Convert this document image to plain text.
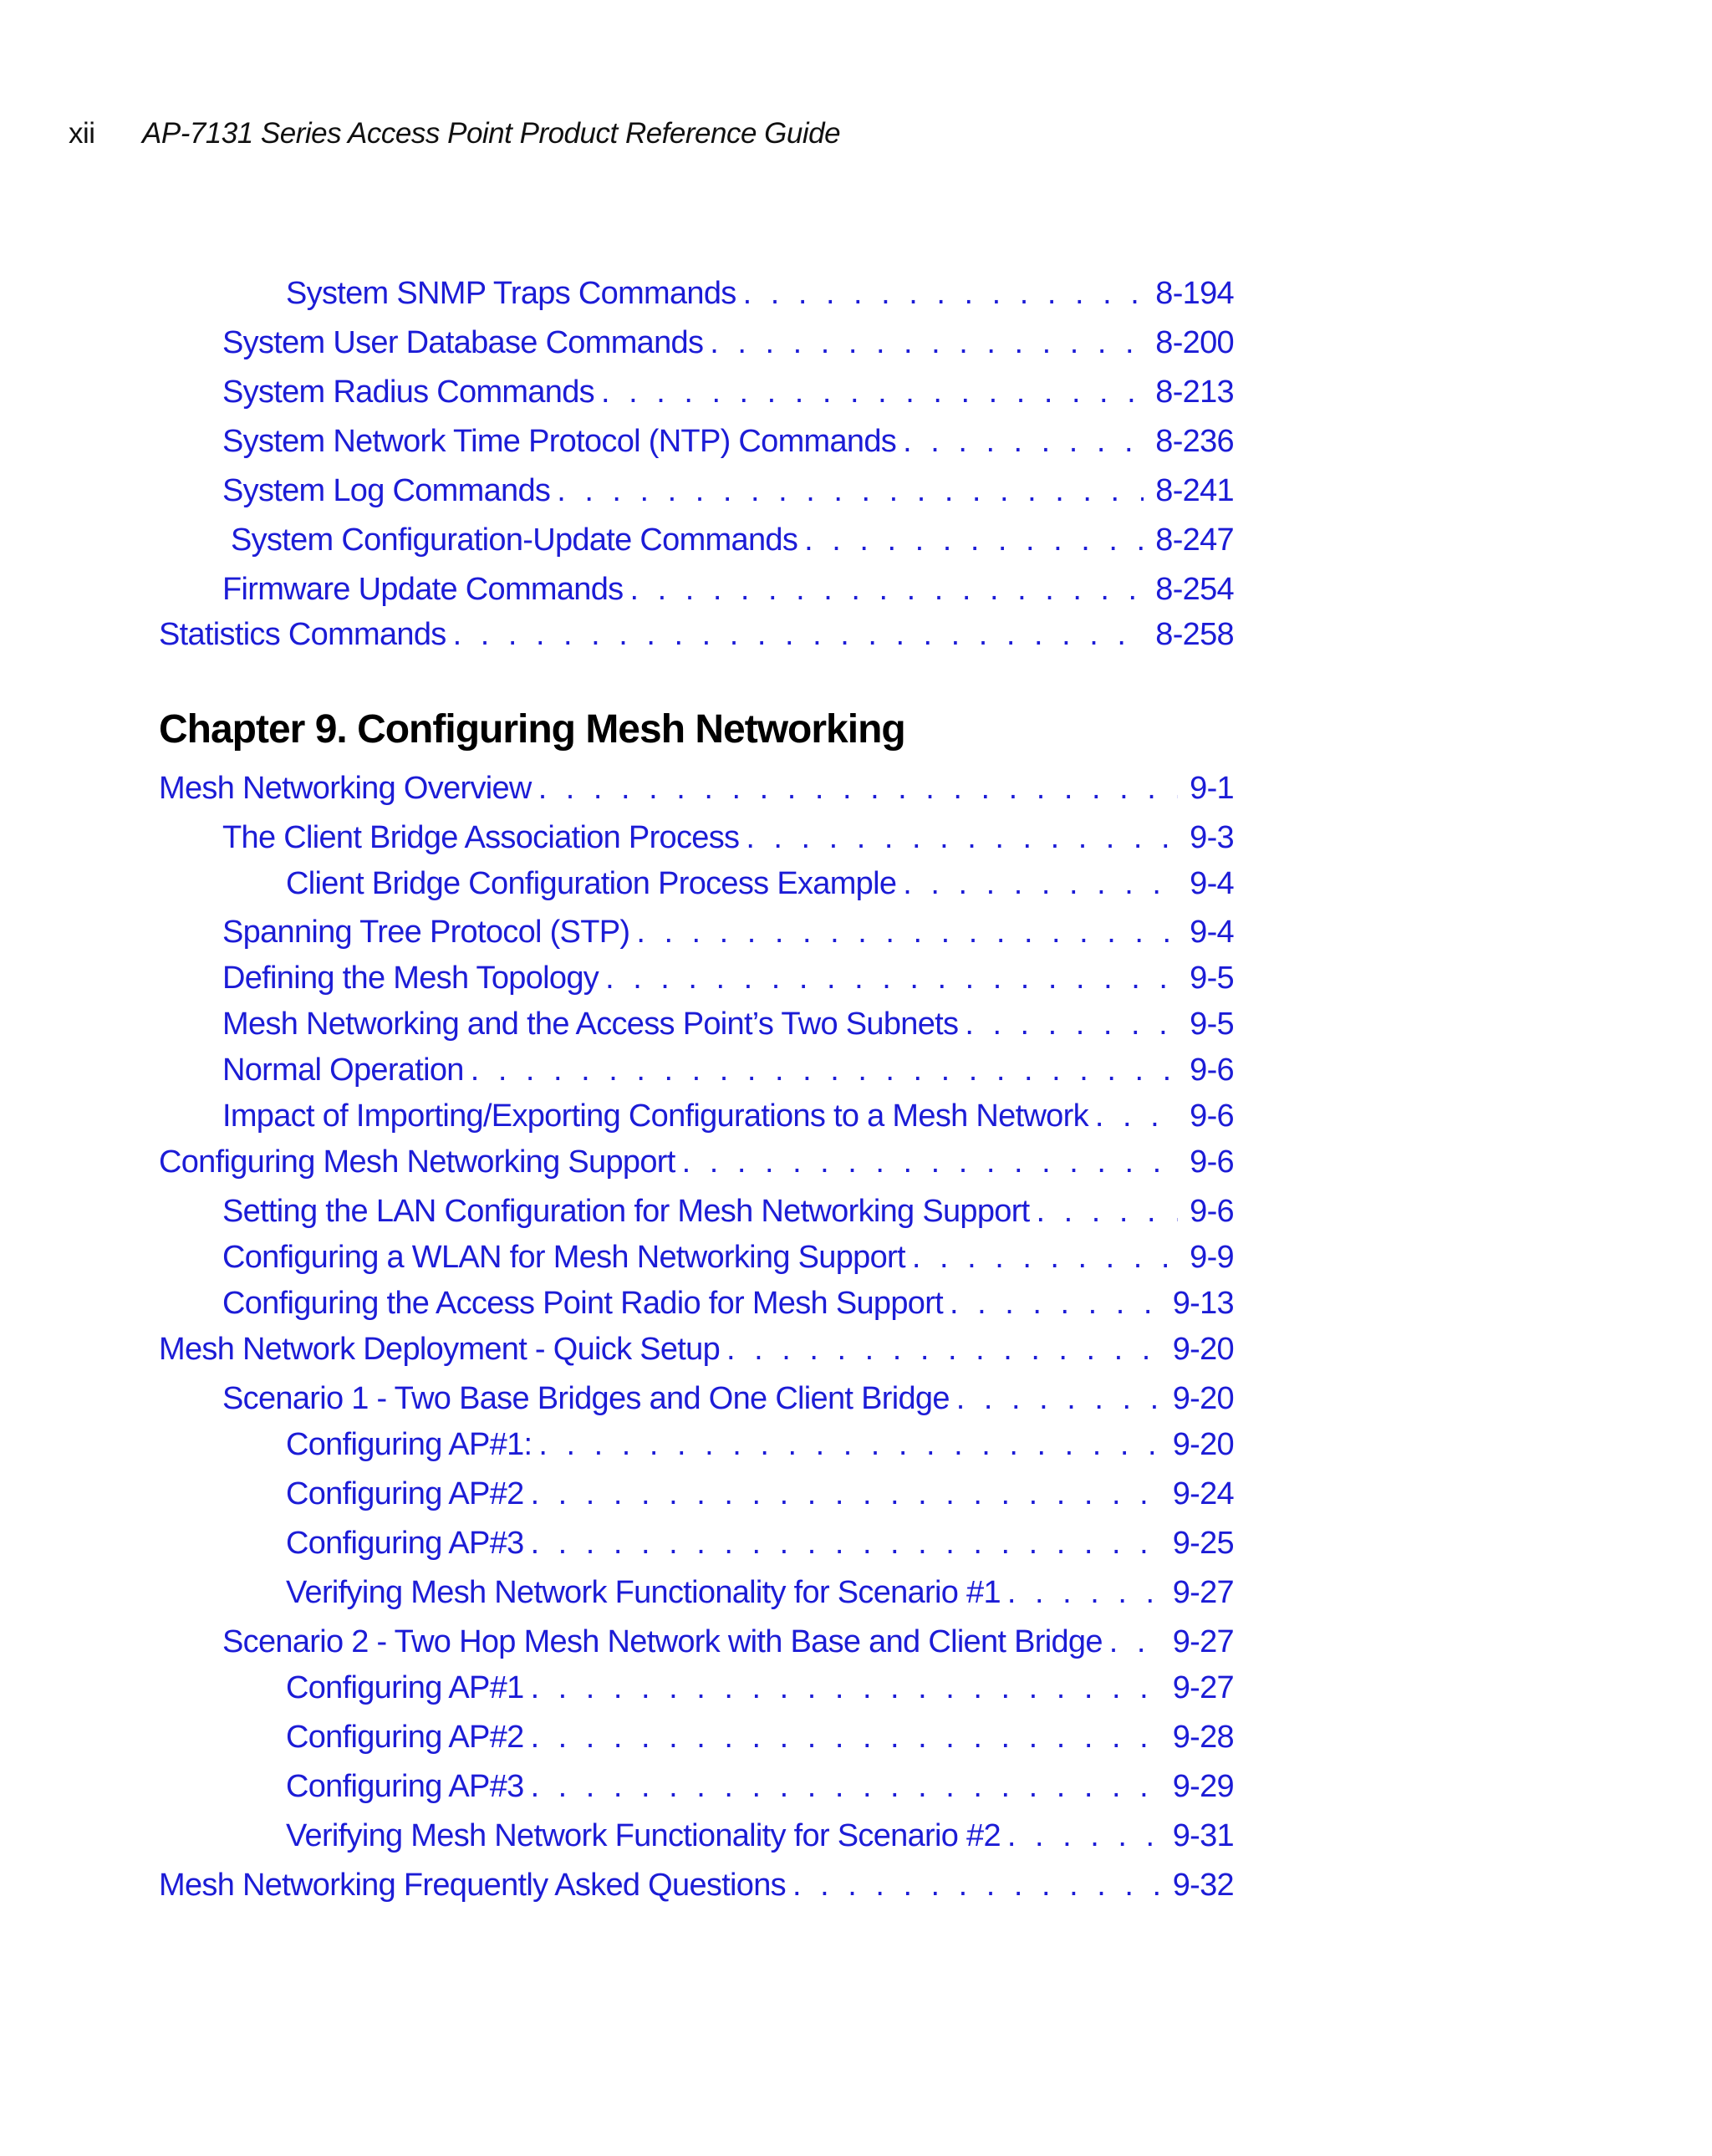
xii AP-7131 Series Access Point Product Reference Guide
System SNMP Traps Commands . . .	8-194
System User Database Commands . . .	8-200
System Radius Commands . . .	8-213
System Network Time Protocol (NTP) Commands . . .	8-236
System Log Commands . . .	8-241
System Configuration-Update Commands . . .	8-247
Firmware Update Commands . . .	8-254
Statistics Commands . . .	8-258
Chapter 9. Configuring Mesh Networking
Mesh Networking Overview . . .	9-1
The Client Bridge Association Process . . .	9-3
Client Bridge Configuration Process Example . . .	9-4
Spanning Tree Protocol (STP) . . .	9-4
Defining the Mesh Topology . . .	9-5
Mesh Networking and the Access Point’s Two Subnets . . .	9-5
Normal Operation . . .	9-6
Impact of Importing/Exporting Configurations to a Mesh Network . . .	9-6
Configuring Mesh Networking Support . . .	9-6
Setting the LAN Configuration for Mesh Networking Support . . .	9-6
Configuring a WLAN for Mesh Networking Support . . .	9-9
Configuring the Access Point Radio for Mesh Support . . .	9-13
Mesh Network Deployment - Quick Setup . . .	9-20
Scenario 1 - Two Base Bridges and One Client Bridge . . .	9-20
Configuring AP#1: . . .	9-20
Configuring AP#2 . . .	9-24
Configuring AP#3 . . .	9-25
Verifying Mesh Network Functionality for Scenario #1 . . .	9-27
Scenario 2 - Two Hop Mesh Network with Base and Client Bridge . . . 9-27
Configuring AP#1 . . .	9-27
Configuring AP#2 . . .	9-28
Configuring AP#3 . . .	9-29
Verifying Mesh Network Functionality for Scenario #2 . . .	9-31
Mesh Networking Frequently Asked Questions . . .	9-32
